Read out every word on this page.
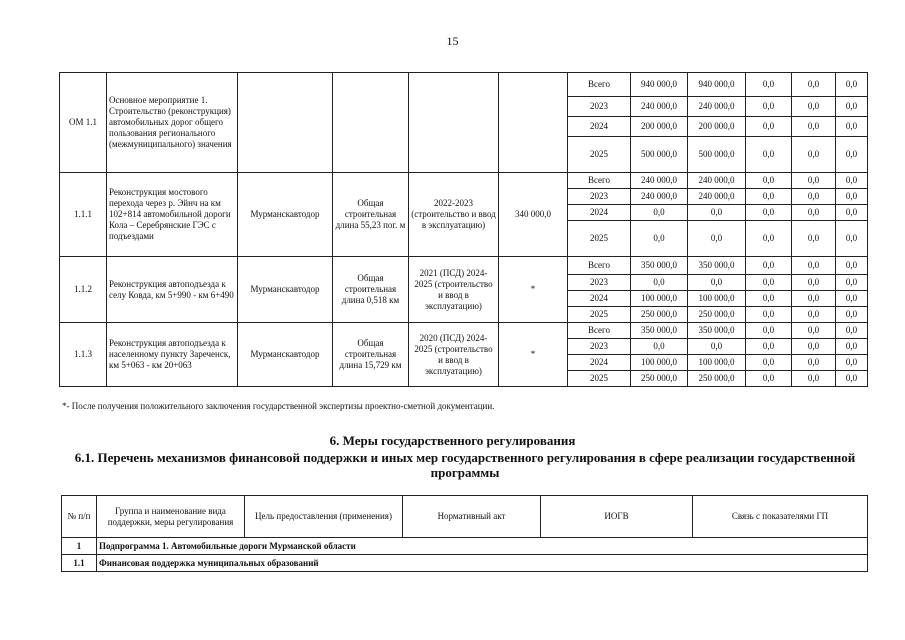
15
ОМ 1.1	Основное мероприятие 1. Строительство (реконструкция) автомобильных дорог общего пользования регионального (межмуниципального) значения					Всего	940 000,0	940 000,0	0,0	0,0	0,0
						2023	240 000,0	240 000,0	0,0	0,0	0,0
						2024	200 000,0	200 000,0	0,0	0,0	0,0
						2025	500 000,0	500 000,0	0,0	0,0	0,0
1.1.1	Реконструкция мостового перехода через р. Эйнч на км 102+814 автомобильной дороги Кола – Серебрянские ГЭС с подъездами	Мурманскавтодор	Общая строительная длина 55,23 пог. м	2022-2023 (строительство и ввод в эксплуатацию)	340 000,0	Всего	240 000,0	240 000,0	0,0	0,0	0,0
						2023	240 000,0	240 000,0	0,0	0,0	0,0
						2024	0,0	0,0	0,0	0,0	0,0
						2025	0,0	0,0	0,0	0,0	0,0
1.1.2	Реконструкция автоподъезда к селу Ковда, км 5+990 - км 6+490	Мурманскавтодор	Общая строительная длина 0,518 км	2021 (ПСД) 2024-2025 (строительство и ввод в эксплуатацию)	*	Всего	350 000,0	350 000,0	0,0	0,0	0,0
						2023	0,0	0,0	0,0	0,0	0,0
						2024	100 000,0	100 000,0	0,0	0,0	0,0
						2025	250 000,0	250 000,0	0,0	0,0	0,0
1.1.3	Реконструкция автоподъезда к населенному пункту Зареченск, км 5+063 - км 20+063	Мурманскавтодор	Общая строительная длина 15,729 км	2020 (ПСД) 2024-2025 (строительство и ввод в эксплуатацию)	*	Всего	350 000,0	350 000,0	0,0	0,0	0,0
						2023	0,0	0,0	0,0	0,0	0,0
						2024	100 000,0	100 000,0	0,0	0,0	0,0
						2025	250 000,0	250 000,0	0,0	0,0	0,0
*- После получения положительного заключения государственной экспертизы проектно-сметной документации.
6. Меры государственного регулирования
6.1. Перечень механизмов финансовой поддержки и иных мер государственного регулирования в сфере реализации государственной программы
№ п/п	Группа и наименование вида поддержки, меры регулирования	Цель предоставления (применения)	Нормативный акт	ИОГВ	Связь с показателями ГП
1	Подпрограмма 1. Автомобильные дороги Мурманской области				
1.1	Финансовая поддержка муниципальных образований				
